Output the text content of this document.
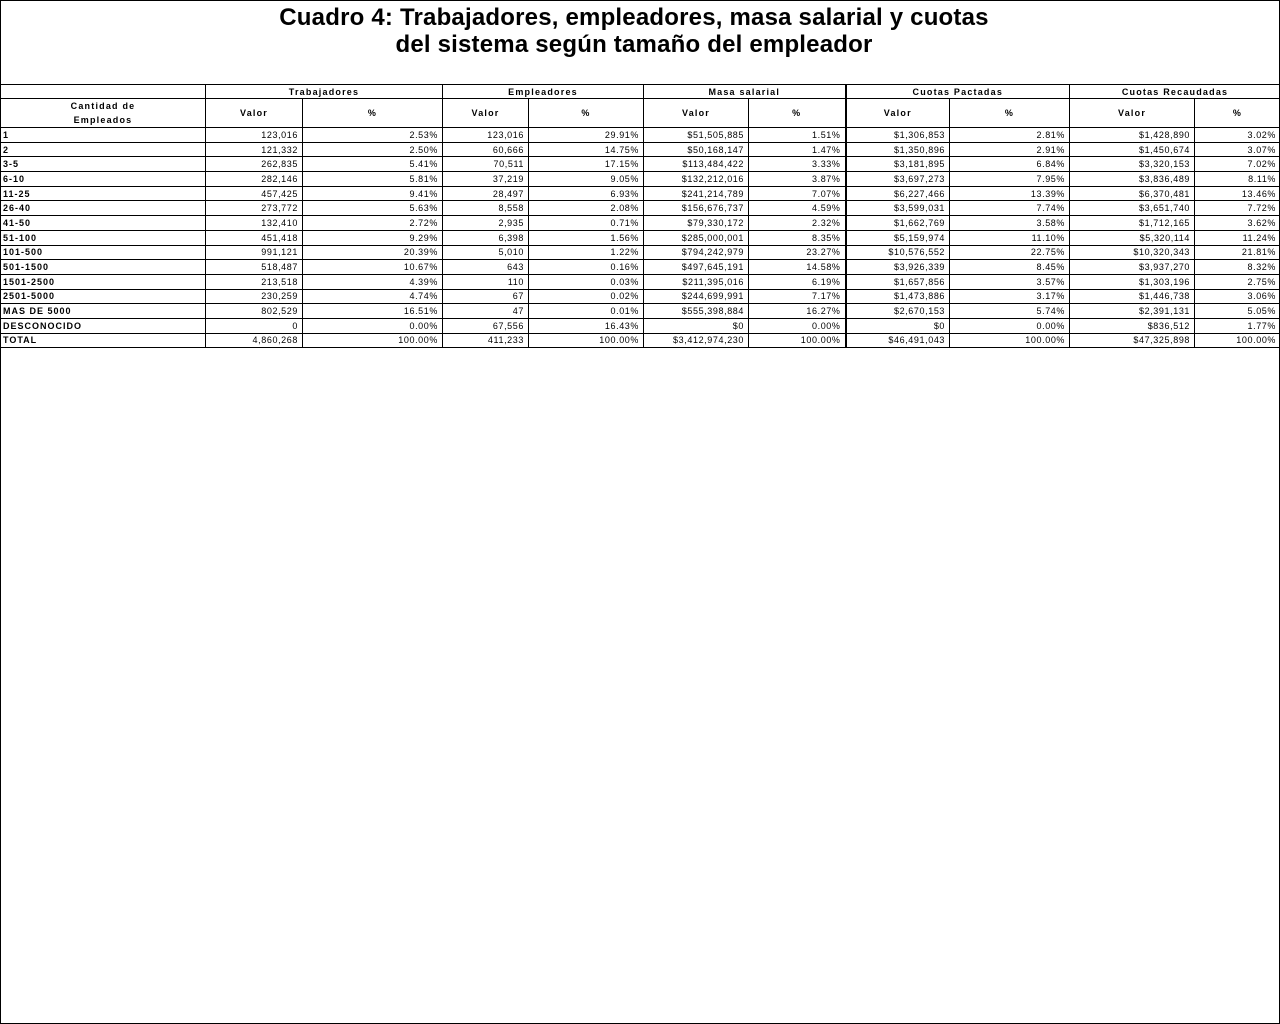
Cuadro 4: Trabajadores, empleadores, masa salarial y cuotas
del sistema según tamaño del empleador
	Trabajadores		Empleadores		Masa salarial		Cuotas Pactadas		Cuotas Recaudadas	
Cantidad de Empleados	Valor	%	Valor	%	Valor	%	Valor	%	Valor	%
1	123,016	2.53%	123,016	29.91%	$51,505,885	1.51%	$1,306,853	2.81%	$1,428,890	3.02%
2	121,332	2.50%	60,666	14.75%	$50,168,147	1.47%	$1,350,896	2.91%	$1,450,674	3.07%
3-5	262,835	5.41%	70,511	17.15%	$113,484,422	3.33%	$3,181,895	6.84%	$3,320,153	7.02%
6-10	282,146	5.81%	37,219	9.05%	$132,212,016	3.87%	$3,697,273	7.95%	$3,836,489	8.11%
11-25	457,425	9.41%	28,497	6.93%	$241,214,789	7.07%	$6,227,466	13.39%	$6,370,481	13.46%
26-40	273,772	5.63%	8,558	2.08%	$156,676,737	4.59%	$3,599,031	7.74%	$3,651,740	7.72%
41-50	132,410	2.72%	2,935	0.71%	$79,330,172	2.32%	$1,662,769	3.58%	$1,712,165	3.62%
51-100	451,418	9.29%	6,398	1.56%	$285,000,001	8.35%	$5,159,974	11.10%	$5,320,114	11.24%
101-500	991,121	20.39%	5,010	1.22%	$794,242,979	23.27%	$10,576,552	22.75%	$10,320,343	21.81%
501-1500	518,487	10.67%	643	0.16%	$497,645,191	14.58%	$3,926,339	8.45%	$3,937,270	8.32%
1501-2500	213,518	4.39%	110	0.03%	$211,395,016	6.19%	$1,657,856	3.57%	$1,303,196	2.75%
2501-5000	230,259	4.74%	67	0.02%	$244,699,991	7.17%	$1,473,886	3.17%	$1,446,738	3.06%
MAS DE 5000	802,529	16.51%	47	0.01%	$555,398,884	16.27%	$2,670,153	5.74%	$2,391,131	5.05%
DESCONOCIDO	0	0.00%	67,556	16.43%	$0	0.00%	$0	0.00%	$836,512	1.77%
TOTAL	4,860,268	100.00%	411,233	100.00%	$3,412,974,230	100.00%	$46,491,043	100.00%	$47,325,898	100.00%
